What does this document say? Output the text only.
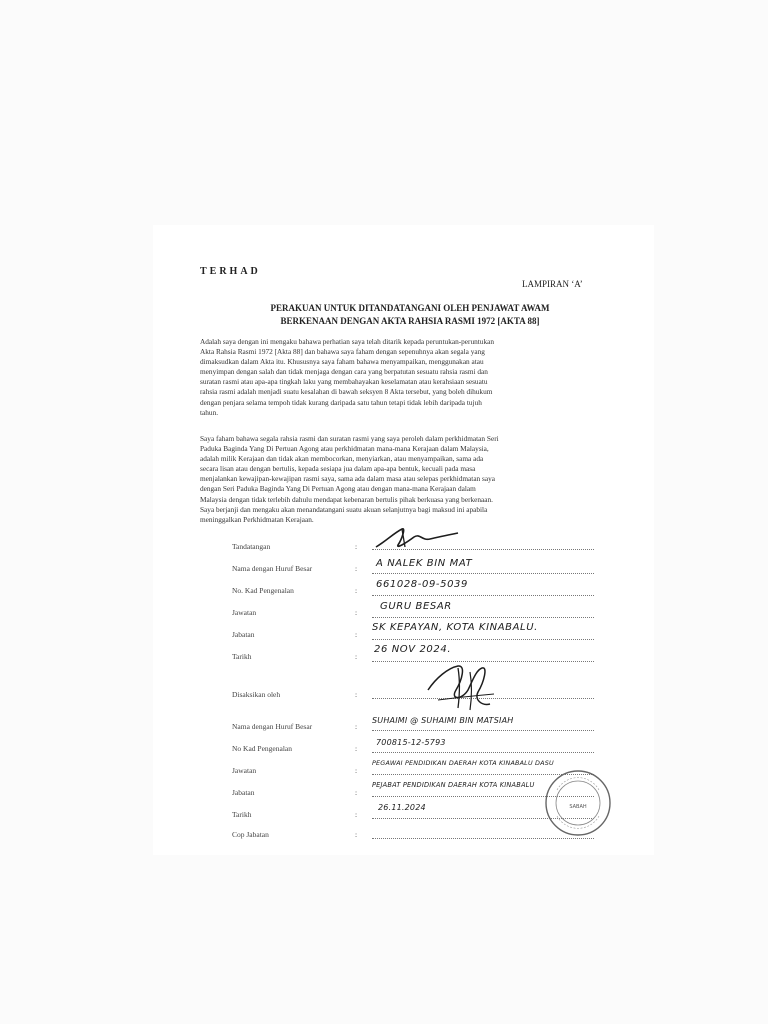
TERHAD
LAMPIRAN ‘A’
PERAKUAN UNTUK DITANDATANGANI OLEH PENJAWAT AWAM
BERKENAAN DENGAN AKTA RAHSIA RASMI 1972 [AKTA 88]
Adalah saya dengan ini mengaku bahawa perhatian saya telah ditarik kepada peruntukan-peruntukan
Akta Rahsia Rasmi 1972 [Akta 88] dan bahawa saya faham dengan sepenuhnya akan segala yang
dimaksudkan dalam Akta itu. Khususnya saya faham bahawa menyampaikan, menggunakan atau
menyimpan dengan salah dan tidak menjaga dengan cara yang berpatutan sesuatu rahsia rasmi dan
suratan rasmi atau apa-apa tingkah laku yang membahayakan keselamatan atau kerahsiaan sesuatu
rahsia rasmi adalah menjadi suatu kesalahan di bawah seksyen 8 Akta tersebut, yang boleh dihukum
dengan penjara selama tempoh tidak kurang daripada satu tahun tetapi tidak lebih daripada tujuh
tahun.
Saya faham bahawa segala rahsia rasmi dan suratan rasmi yang saya peroleh dalam perkhidmatan Seri
Paduka Baginda Yang Di Pertuan Agong atau perkhidmatan mana-mana Kerajaan dalam Malaysia,
adalah milik Kerajaan dan tidak akan membocorkan, menyiarkan, atau menyampaikan, sama ada
secara lisan atau dengan bertulis, kepada sesiapa jua dalam apa-apa bentuk, kecuali pada masa
menjalankan kewajipan-kewajipan rasmi saya, sama ada dalam masa atau selepas perkhidmatan saya
dengan Seri Paduka Baginda Yang Di Pertuan Agong atau dengan mana-mana Kerajaan dalam
Malaysia dengan tidak terlebih dahulu mendapat kebenaran bertulis pihak berkuasa yang berkenaan.
Saya berjanji dan mengaku akan menandatangani suatu akuan selanjutnya bagi maksud ini apabila
meninggalkan Perkhidmatan Kerajaan.
Tandatangan	:
Nama dengan Huruf Besar	: A NALEK BIN MAT
No. Kad Pengenalan	:
661028-09-5039
Jawatan	:
GURU BESAR
Jabatan	:
SK KEPAYAN, KOTA KINABALU.
Tarikh	:
26 NOV 2024.
Disaksikan oleh	:
Nama dengan Huruf Besar	:
SUHAIMI @ SUHAIMI BIN MATSIAH
No Kad Pengenalan	:
700815-12-5793
Jawatan	:
PEGAWAI PENDIDIKAN DAERAH KOTA KINABALU DASU
Jabatan	:
PEJABAT PENDIDIKAN DAERAH KOTA KINABALU
Tarikh	:
26.11.2024
Cop Jabatan	:
SABAH
